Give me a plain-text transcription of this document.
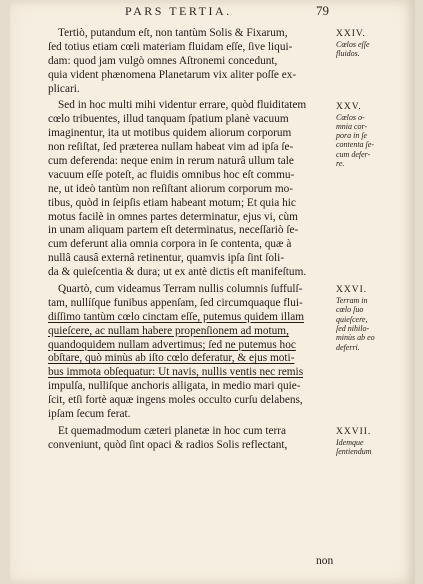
PARS TERTIA.	79
Tertiò, putandum eſt, non tantùm Solis & Fixarum,
ſed totius etiam cœli materiam fluidam eſſe, ſive liqui-
dam: quod jam vulgò omnes Aſtronemi concedunt,
quia vident phænomena Planetarum vix aliter poſſe ex-
plicari.
Sed in hoc multi mihi videntur errare, quòd fluiditatem
cœlo tribuentes, illud tanquam ſpatium planè vacuum
imaginentur, ita ut motibus quidem aliorum corporum
non reſiſtat, ſed præterea nullam habeat vim ad ipſa ſe-
cum deferenda: neque enim in rerum naturâ ullum tale
vacuum eſſe poteſt, ac fluidis omnibus hoc eſt commu-
ne, ut ideò tantùm non reſiſtant aliorum corporum mo-
tibus, quòd in ſeipſis etiam habeant motum; Et quia hic
motus facilè in omnes partes determinatur, ejus vi, cùm
in unam aliquam partem eſt determinatus, neceſſariò ſe-
cum deferunt alia omnia corpora in ſe contenta, quæ à
nullâ causâ externâ retinentur, quamvis ipſa ſint ſoli-
da & quieſcentia & dura; ut ex antè dictis eſt manifeſtum.
Quartò, cum videamus Terram nullis columnis ſuffulſ-
tam, nullíſque funibus appenſam, ſed circumquaque flui-
diſſimo tantùm cœlo cinctam eſſe, putemus quidem illam
quieſcere, ac nullam habere propenſionem ad motum,
quandoquidem nullam advertimus; ſed ne putemus hoc
obſtare, quò minùs ab iſto cœlo deferatur, & ejus moti-
bus immota obſequatur: Ut navis, nullis ventis nec remis
impulſa, nulliſque anchoris alligata, in medio mari quie-
ſcit, etſi fortè aquæ ingens moles occulto curſu delabens,
ipſam ſecum ferat.
Et quemadmodum cæteri planetæ in hoc cum terra
conveniunt, quòd ſint opaci & radios Solis reflectant,
XXIV.
Cœlos eſſe
fluidos.
XXV.
Cœlos o-
mnia cor-
pora in ſe
contenta ſe-
cum defer-
re.
XXVI.
Terram in
cœlo ſuo
quieſcere,
ſed nihilo-
minùs ab eo
deferri.
XXVII.
Idemque
ſentiendum
non
